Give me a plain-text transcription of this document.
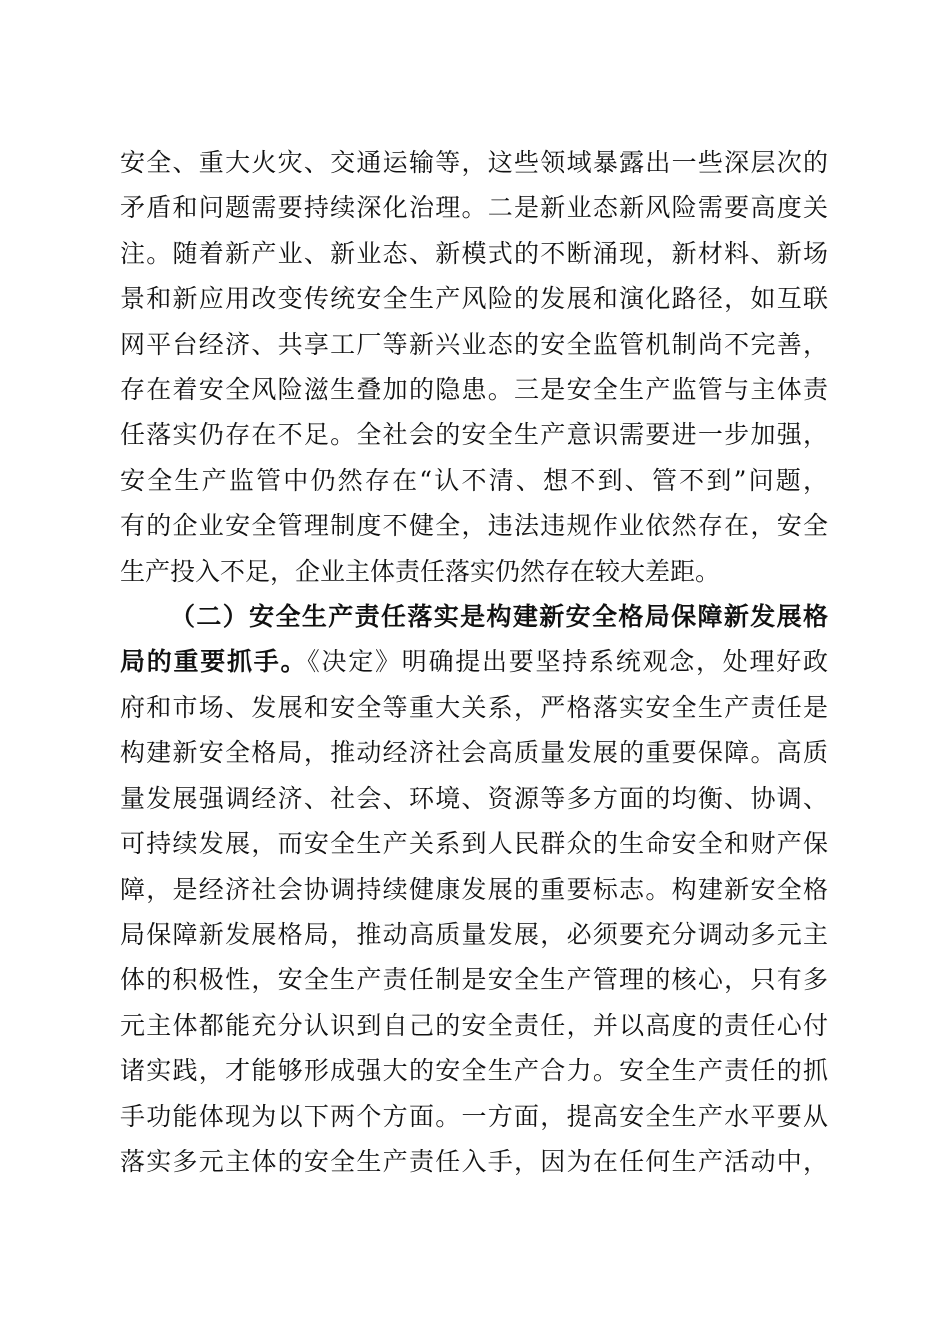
安全、重大火灾、交通运输等，这些领域暴露出一些深层次的

矛盾和问题需要持续深化治理。二是新业态新风险需要高度关

注。随着新产业、新业态、新模式的不断涌现，新材料、新场

景和新应用改变传统安全生产风险的发展和演化路径，如互联

网平台经济、共享工厂等新兴业态的安全监管机制尚不完善，

存在着安全风险滋生叠加的隐患。三是安全生产监管与主体责

任落实仍存在不足。全社会的安全生产意识需要进一步加强，

安全生产监管中仍然存在“认不清、想不到、管不到”问题，

有的企业安全管理制度不健全，违法违规作业依然存在，安全

生产投入不足，企业主体责任落实仍然存在较大差距。

（二）安全生产责任落实是构建新安全格局保障新发展格

局的重要抓手。《决定》明确提出要坚持系统观念，处理好政

府和市场、发展和安全等重大关系，严格落实安全生产责任是

构建新安全格局，推动经济社会高质量发展的重要保障。高质

量发展强调经济、社会、环境、资源等多方面的均衡、协调、

可持续发展，而安全生产关系到人民群众的生命安全和财产保

障，是经济社会协调持续健康发展的重要标志。构建新安全格

局保障新发展格局，推动高质量发展，必须要充分调动多元主

体的积极性，安全生产责任制是安全生产管理的核心，只有多

元主体都能充分认识到自己的安全责任，并以高度的责任心付

诸实践，才能够形成强大的安全生产合力。安全生产责任的抓

手功能体现为以下两个方面。一方面，提高安全生产水平要从

落实多元主体的安全生产责任入手，因为在任何生产活动中，
